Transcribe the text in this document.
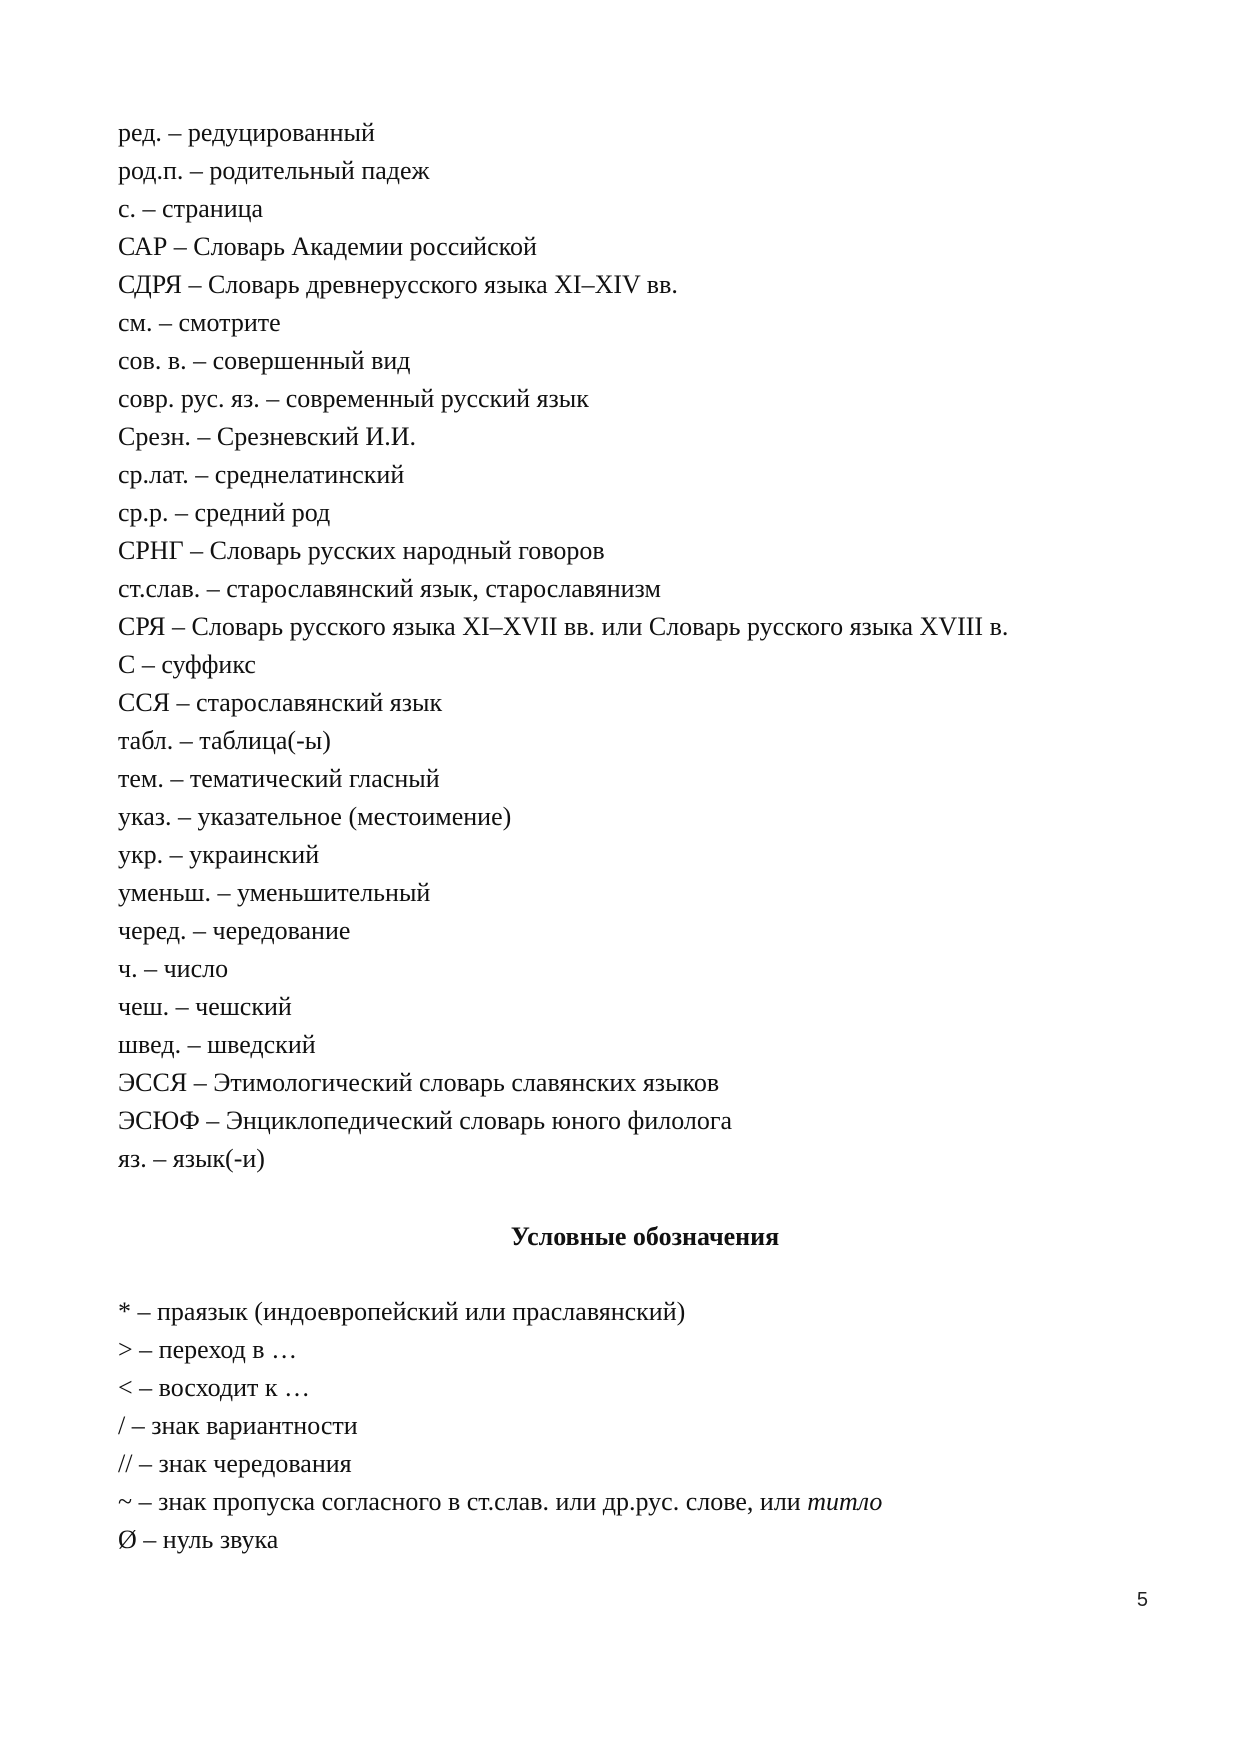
ред. – редуцированный
род.п. – родительный падеж
с. – страница
САР – Словарь Академии российской
СДРЯ – Словарь древнерусского языка XI–XIV вв.
см. – смотрите
сов. в. – совершенный вид
совр. рус. яз. – современный русский язык
Срезн. – Срезневский И.И.
ср.лат. – среднелатинский
ср.р. – средний род
СРНГ – Словарь русских народный говоров
ст.слав. – старославянский язык, старославянизм
СРЯ – Словарь русского языка XI–XVII вв. или Словарь русского языка XVIII в.
С – суффикс
ССЯ – старославянский язык
табл. – таблица(-ы)
тем. – тематический гласный
указ. – указательное (местоимение)
укр. – украинский
уменьш. – уменьшительный
черед. – чередование
ч. – число
чеш. – чешский
швед. – шведский
ЭССЯ – Этимологический словарь славянских языков
ЭСЮФ – Энциклопедический словарь юного филолога
яз. – язык(-и)
Условные обозначения
* – праязык (индоевропейский или праславянский)
> – переход в …
< – восходит к …
/ – знак вариантности
// – знак чередования
~ – знак пропуска согласного в ст.слав. или др.рус. слове, или титло
Ø – нуль звука
5
